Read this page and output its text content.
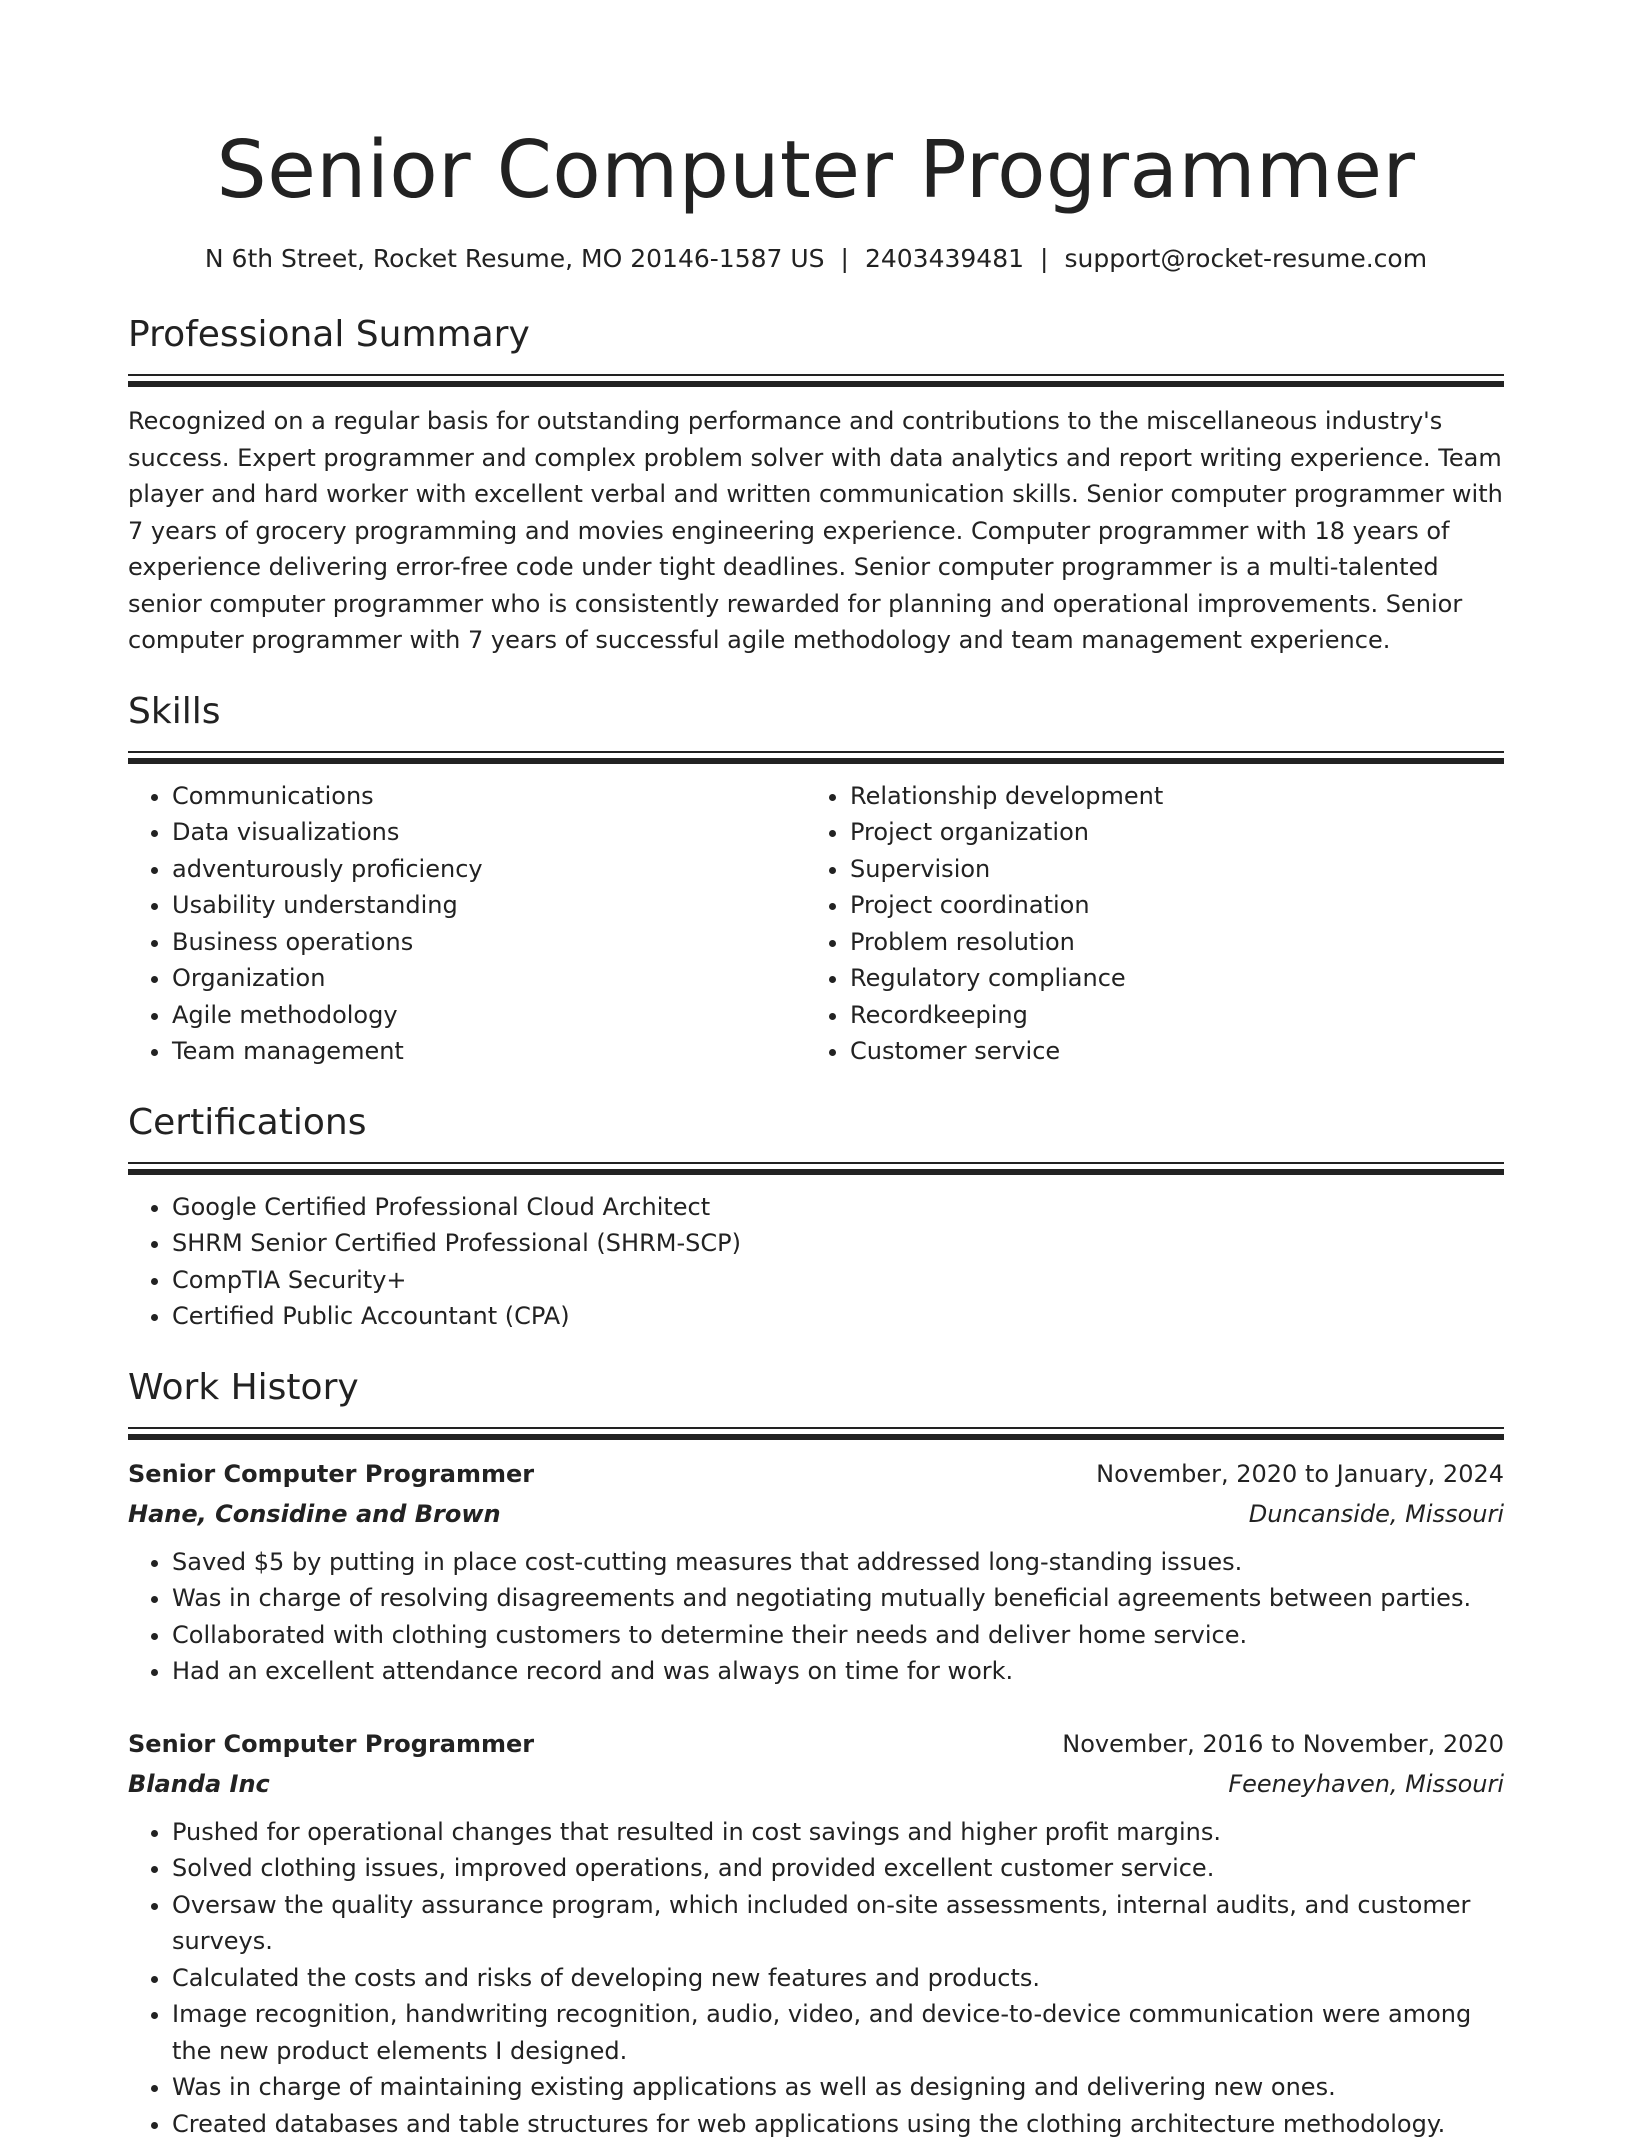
Senior Computer Programmer
N 6th Street, Rocket Resume, MO 20146-1587 US | 2403439481 | support@rocket-resume.com
Professional Summary
Recognized on a regular basis for outstanding performance and contributions to the miscellaneous industry's success. Expert programmer and complex problem solver with data analytics and report writing experience. Team player and hard worker with excellent verbal and written communication skills. Senior computer programmer with 7 years of grocery programming and movies engineering experience. Computer programmer with 18 years of experience delivering error-free code under tight deadlines. Senior computer programmer is a multi-talented senior computer programmer who is consistently rewarded for planning and operational improvements. Senior computer programmer with 7 years of successful agile methodology and team management experience.
Skills
• Communications
• Data visualizations
• adventurously proficiency
• Usability understanding
• Business operations
• Organization
• Agile methodology
• Team management
• Relationship development
• Project organization
• Supervision
• Project coordination
• Problem resolution
• Regulatory compliance
• Recordkeeping
• Customer service
Certifications
• Google Certified Professional Cloud Architect
• SHRM Senior Certified Professional (SHRM-SCP)
• CompTIA Security+
• Certified Public Accountant (CPA)
Work History
Senior Computer Programmer	November, 2020 to January, 2024
Hane, Considine and Brown	Duncanside, Missouri
• Saved $5 by putting in place cost-cutting measures that addressed long-standing issues.
• Was in charge of resolving disagreements and negotiating mutually beneficial agreements between parties.
• Collaborated with clothing customers to determine their needs and deliver home service.
• Had an excellent attendance record and was always on time for work.
Senior Computer Programmer	November, 2016 to November, 2020
Blanda Inc	Feeneyhaven, Missouri
• Pushed for operational changes that resulted in cost savings and higher profit margins.
• Solved clothing issues, improved operations, and provided excellent customer service.
• Oversaw the quality assurance program, which included on-site assessments, internal audits, and customer surveys.
• Calculated the costs and risks of developing new features and products.
• Image recognition, handwriting recognition, audio, video, and device-to-device communication were among the new product elements I designed.
• Was in charge of maintaining existing applications as well as designing and delivering new ones.
• Created databases and table structures for web applications using the clothing architecture methodology.
